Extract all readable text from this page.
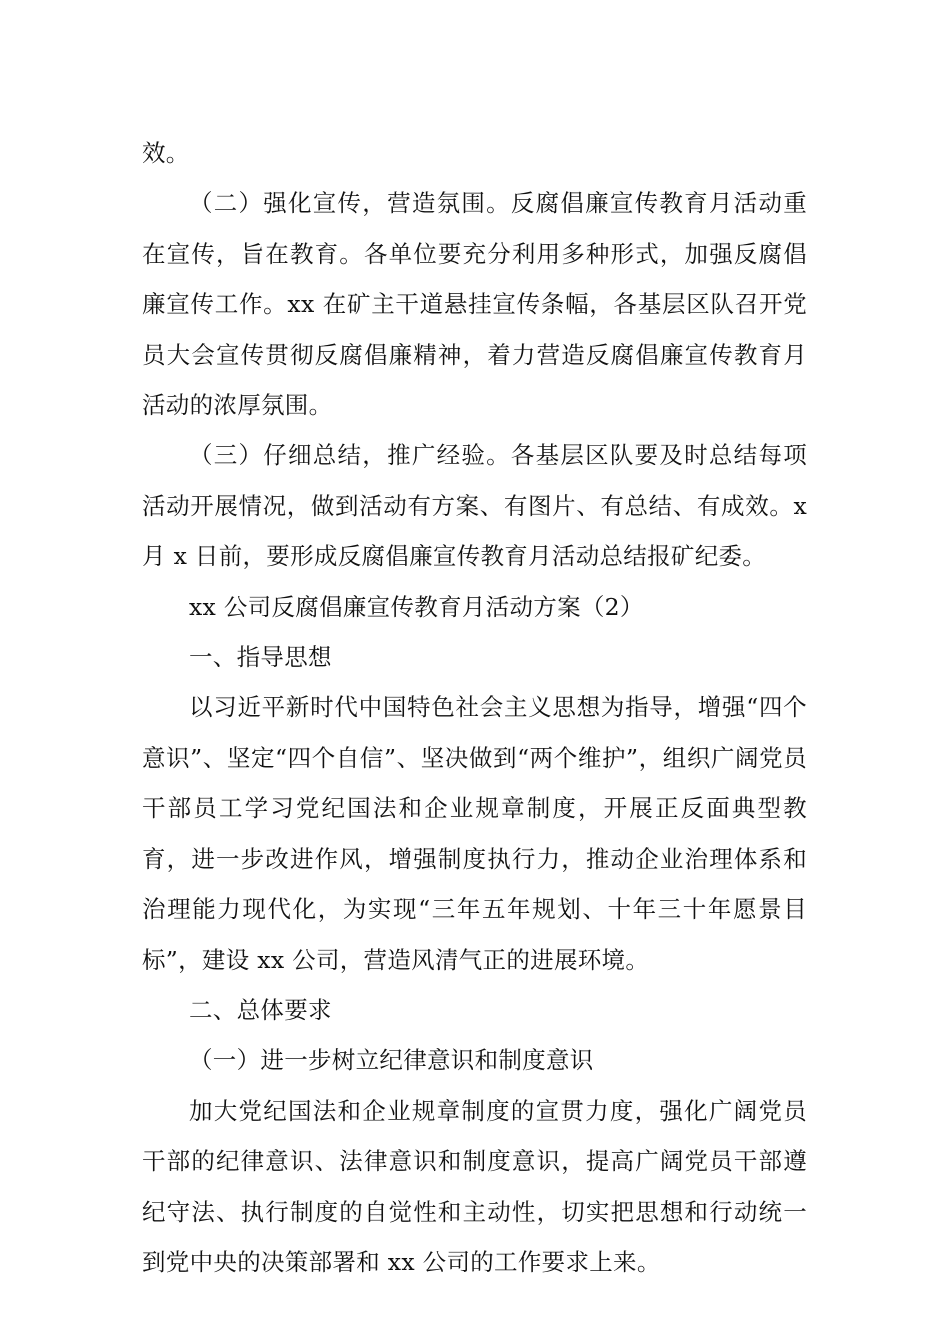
效。

（二）强化宣传，营造氛围。反腐倡廉宣传教育月活动重在宣传，旨在教育。各单位要充分利用多种形式，加强反腐倡廉宣传工作。xx 在矿主干道悬挂宣传条幅，各基层区队召开党员大会宣传贯彻反腐倡廉精神，着力营造反腐倡廉宣传教育月活动的浓厚氛围。

（三）仔细总结，推广经验。各基层区队要及时总结每项活动开展情况，做到活动有方案、有图片、有总结、有成效。x 月 x 日前，要形成反腐倡廉宣传教育月活动总结报矿纪委。

xx 公司反腐倡廉宣传教育月活动方案（2）

一、指导思想

以习近平新时代中国特色社会主义思想为指导，增强“四个意识”、坚定“四个自信”、坚决做到“两个维护”，组织广阔党员干部员工学习党纪国法和企业规章制度，开展正反面典型教育，进一步改进作风，增强制度执行力，推动企业治理体系和治理能力现代化，为实现“三年五年规划、十年三十年愿景目标”，建设 xx 公司，营造风清气正的进展环境。

二、总体要求

（一）进一步树立纪律意识和制度意识

加大党纪国法和企业规章制度的宣贯力度，强化广阔党员干部的纪律意识、法律意识和制度意识，提高广阔党员干部遵纪守法、执行制度的自觉性和主动性，切实把思想和行动统一到党中央的决策部署和 xx 公司的工作要求上来。
